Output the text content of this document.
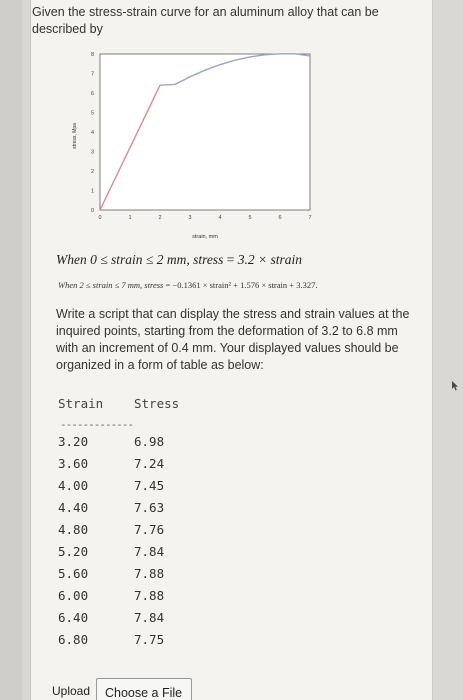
Given the stress-strain curve for an aluminum alloy that can be described by
0	1	2	3	4	5	6	7
0
1
2
3
4
5
6
7
8
strain, mm
stress, Mpa
When 0 ≤ strain ≤ 2 mm, stress = 3.2 × strain
When 2 ≤ strain ≤ 7 mm, stress = −0.1361 × strain² + 1.576 × strain + 3.327.
Write a script that can display the stress and strain values at the inquired points, starting from the deformation of 3.2 to 6.8 mm with an increment of 0.4 mm. Your displayed values should be organized in a form of table as below:
Strain Stress
-------------
3.20	6.98
3.60	7.24
4.00	7.45
4.40	7.63
4.80	7.76
5.20	7.84
5.60	7.88
6.00	7.88
6.40	7.84
6.80	7.75
Upload	Choose a File
